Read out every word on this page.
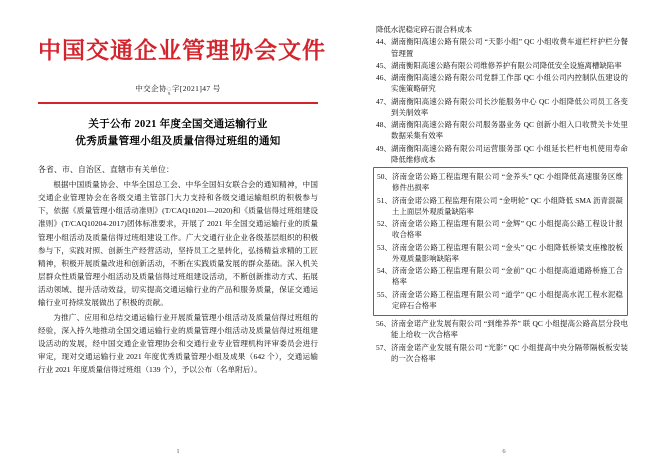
中国交通企业管理协会文件
中交企协ူ字[2021]47 号
关于公布 2021 年度全国交通运输行业
优秀质量管理小组及质量信得过班组的通知
各省、市、自治区、直辖市有关单位：

根据中国质量协会、中华全国总工会、中华全国妇女联合会的通知精神，中国交通企业管理协会在各级交通主管部门大力支持和各级交通运输组织的积极参与下，依据《质量管理小组活动准则》(T/CAQ10201—2020)和《质量信得过班组建设准则》(T/CAQ10204-2017)团体标准要求，开展了 2021 年全国交通运输行业的质量管理小组活动及质量信得过班组建设工作。广大交通行业企业各级基层组织的积极参与下，实践对照、创新生产经营活动，坚持员工之星转化，弘扬精益求精的工匠精神，积极开展质量改进和创新活动，不断在实践质量发展的群众基础。深入机关层群众性质量管理小组活动及质量信得过班组建设活动，不断创新推动方式、拓展活动领域、提升活动效益，切实提高交通运输行业的产品和服务质量，保证交通运输行业可持续发展做出了积极的贡献。

为推广、应用和总结交通运输行业开展质量管理小组活动及质量信得过班组的经验，深入持久地推动全国交通运输行业的质量管理小组活动及质量信得过班组建设活动的发展，经中国交通企业管理协会和交通行业专业管理机构评审委员会进行审定，现对交通运输行业 2021 年度优秀质量管理小组及成果（642 个），交通运输行业 2021 年度质量信得过班组（139 个），予以公布（名单附后）。

1
降低水泥稳定碎石混合料成本
44、 湖南衡阳高速公路有限公司 “天影小组” QC 小组收费车道栏杆护栏分餐管理置
45、 湖南衡阳高速公路有限公司维修养护有限公司降低安全设施离槽缺陷率
46、 湖南衡阳高速公路有限公司党群工作部 QC 小组公司内控制队伍建设的实施策略研究
47、 湖南衡阳高速公路有限公司长沙能服务中心 QC 小组降低公司员工各变到关制效率
48、 湖南衡阳高速公路有限公司服务器业务 QC 创新小组入口收赞关卡处里数据采集有效率
49、 湖南衡阳高速公路有限公司运营服务部 QC 小组延长栏杆电机使用寿命降低维修成本
50、 济南金诺公路工程监理有限公司 “金养头” QC 小组降低高速服务区维修件出损率
51、 济南金诺公路工程监理有限公司 “金明轮” QC 小组降低 SMA 沥青混凝土上面层外观质量缺陷率
52、 济南金诺公路工程监理有限公司 “金辉” QC 小组提高公路工程设计报收合格率
53、 济南金诺公路工程监理有限公司 “金头” QC 小组降低桥梁支座橡胶板外观质量影响缺陷率
54、 济南金诺公路工程监理有限公司 “金前” QC 小组提高道通路桥施工合格率
55、 济南金诺公路工程监理有限公司 “道学” QC 小组提高水泥工程水泥稳定碎石合格率
56、 济南金诺产业发展有限公司 “到维养养” 联 QC 小组提高公路高层分段电能上给收一次合格率
57、 济南金诺产业发展有限公司 “光影” QC 小组提高中央分隔带隔板板安装的一次合格率
6
